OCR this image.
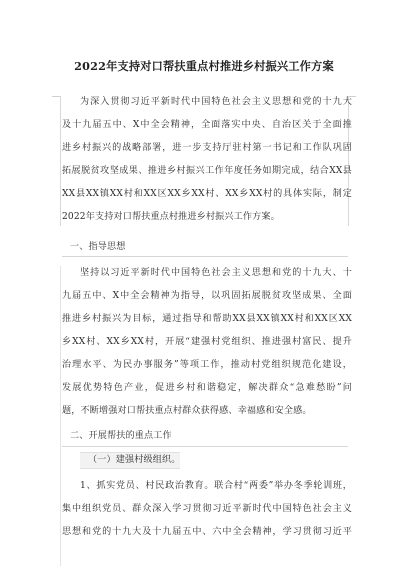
2022年支持对口帮扶重点村推进乡村振兴工作方案
为深入贯彻习近平新时代中国特色社会主义思想和党的十九大
及十九届五中、X中全会精神，全面落实中央、自治区关于全面推
进乡村振兴的战略部署，进一步支持厅驻村第一书记和工作队巩固
拓展脱贫攻坚成果、推进乡村振兴工作年度任务如期完成，结合XX县
XX县XX镇XX村和XX区XX乡XX村、XX乡XX村的具体实际，制定
2022年支持对口帮扶重点村推进乡村振兴工作方案。
一、指导思想
坚持以习近平新时代中国特色社会主义思想和党的十九大、十
九届五中、X中全会精神为指导，以巩固拓展脱贫攻坚成果、全面
推进乡村振兴为目标，通过指导和帮助XX县XX镇XX村和XX区XX
乡XX村、XX乡XX村，开展“建强村党组织、推进强村富民、提升
治理水平、为民办事服务”等项工作，推动村党组织规范化建设，
发展优势特色产业，促进乡村和谐稳定，解决群众“急难愁盼”问
题，不断增强对口帮扶重点村群众获得感、幸福感和安全感。
二、开展帮扶的重点工作
（一）建强村级组织。
1、抓实党员、村民政治教育。联合村“两委”举办冬季轮训班，
集中组织党员、群众深入学习贯彻习近平新时代中国特色社会主义
思想和党的十九大及十九届五中、六中全会精神，学习贯彻习近平
